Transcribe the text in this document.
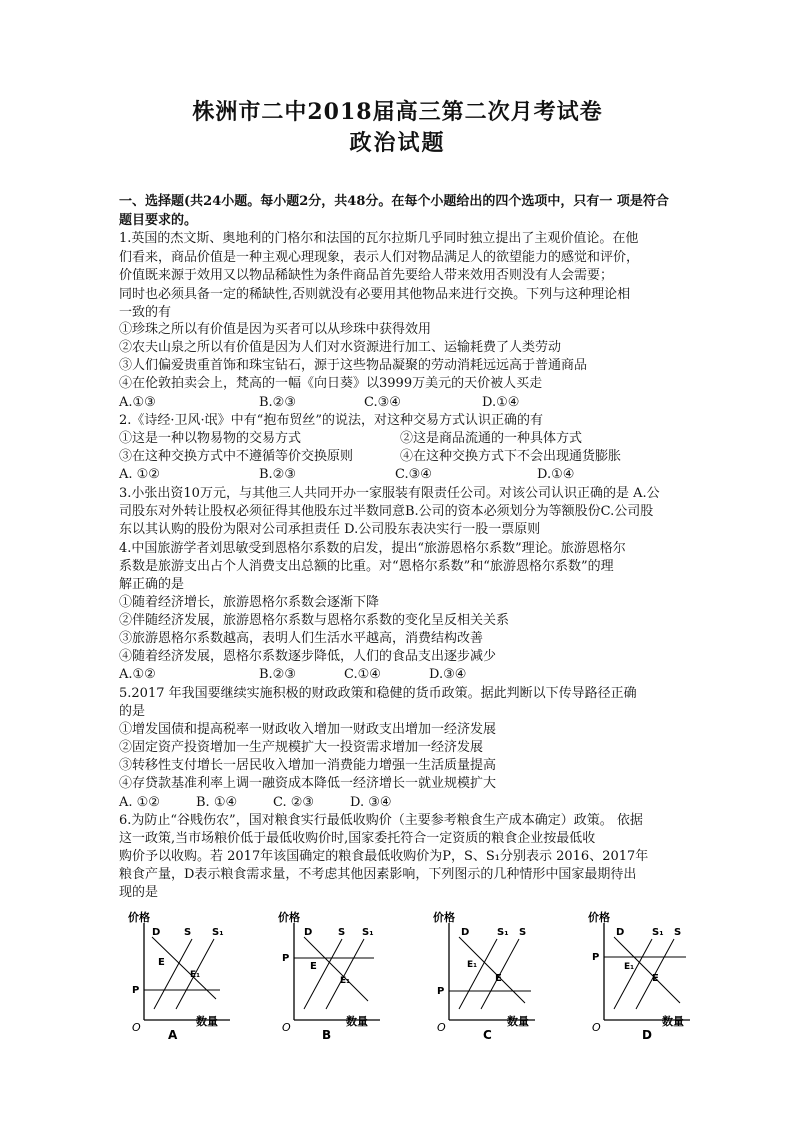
株洲市二中2018届高三第二次月考试卷
政治试题
一、选择题(共24小题。每小题2分，共48分。在每个小题给出的四个选项中，只有一 项是符合
题目要求的。
1.英国的杰文斯、奥地利的门格尔和法国的瓦尔拉斯几乎同时独立提出了主观价值论。在他
们看来，商品价值是一种主观心理现象，表示人们对物品满足人的欲望能力的感觉和评价，
价值既来源于效用又以物品稀缺性为条件商品首先要给人带来效用否则没有人会需要；
同时也必须具备一定的稀缺性,否则就没有必要用其他物品来进行交换。下列与这种理论相
一致的有
①珍珠之所以有价值是因为买者可以从珍珠中获得效用
②农夫山泉之所以有价值是因为人们对水资源进行加工、运输耗费了人类劳动
③人们偏爱贵重首饰和珠宝钻石，源于这些物品凝聚的劳动消耗远远高于普通商品
④在伦敦拍卖会上，梵高的一幅《向日葵》以3999万美元的天价被人买走
A.①③	B.②③	C.③④	D.①④
2.《诗经·卫风·氓》中有“抱布贸丝”的说法，对这种交易方式认识正确的有
①这是一种以物易物的交易方式	②这是商品流通的一种具体方式
③在这种交换方式中不遵循等价交换原则	④在这种交换方式下不会出现通货膨胀
A. ①②	B.②③	C.③④	D.①④
3.小张出资10万元，与其他三人共同开办一家服装有限责任公司。对该公司认识正确的是 A.公
司股东对外转让股权必须征得其他股东过半数同意B.公司的资本必须划分为等额股份C.公司股
东以其认购的股份为限对公司承担责任 D.公司股东表决实行一股一票原则
4.中国旅游学者刘思敏受到恩格尔系数的启发，提出“旅游恩格尔系数”理论。旅游恩格尔
系数是旅游支出占个人消费支出总额的比重。对“恩格尔系数”和“旅游恩格尔系数”的理
解正确的是
①随着经济增长，旅游恩格尔系数会逐渐下降
②伴随经济发展，旅游恩格尔系数与恩格尔系数的变化呈反相关关系
③旅游恩格尔系数越高，表明人们生活水平越高，消费结构改善
④随着经济发展，恩格尔系数逐步降低，人们的食品支出逐步减少
A.①②	B.②③	C.①④	D.③④
5.2017 年我国要继续实施积极的财政政策和稳健的货币政策。据此判断以下传导路径正确
的是
①增发国债和提高税率一财政收入增加一财政支出增加一经济发展
②固定资产投资增加一生产规模扩大一投资需求增加一经济发展
③转移性支付增长一居民收入增加一消费能力增强一生活质量提高
④存贷款基准利率上调一融资成本降低一经济增长一就业规模扩大
A. ①②	B. ①④	C. ②③	D. ③④
6.为防止“谷贱伤农”，国对粮食实行最低收购价（主要参考粮食生产成本确定）政策。 依据
这一政策,当市场粮价低于最低收购价时,国家委托符合一定资质的粮食企业按最低收
购价予以收购。若 2017年该国确定的粮食最低收购价为P，S、S₁分别表示 2016、2017年
粮食产量，D表示粮食需求量，不考虑其他因素影响，下列图示的几种情形中国家最期待出
现的是
价格
数量
O
D S S₁
E
E₁
P
A
价格
数量
O
D	S S₁
E
E₁
P
B
价格
数量
O
D	S₁ S
E₁
E
P
C
价格
数量
O
D	S₁ S
E₁
E
P
D
